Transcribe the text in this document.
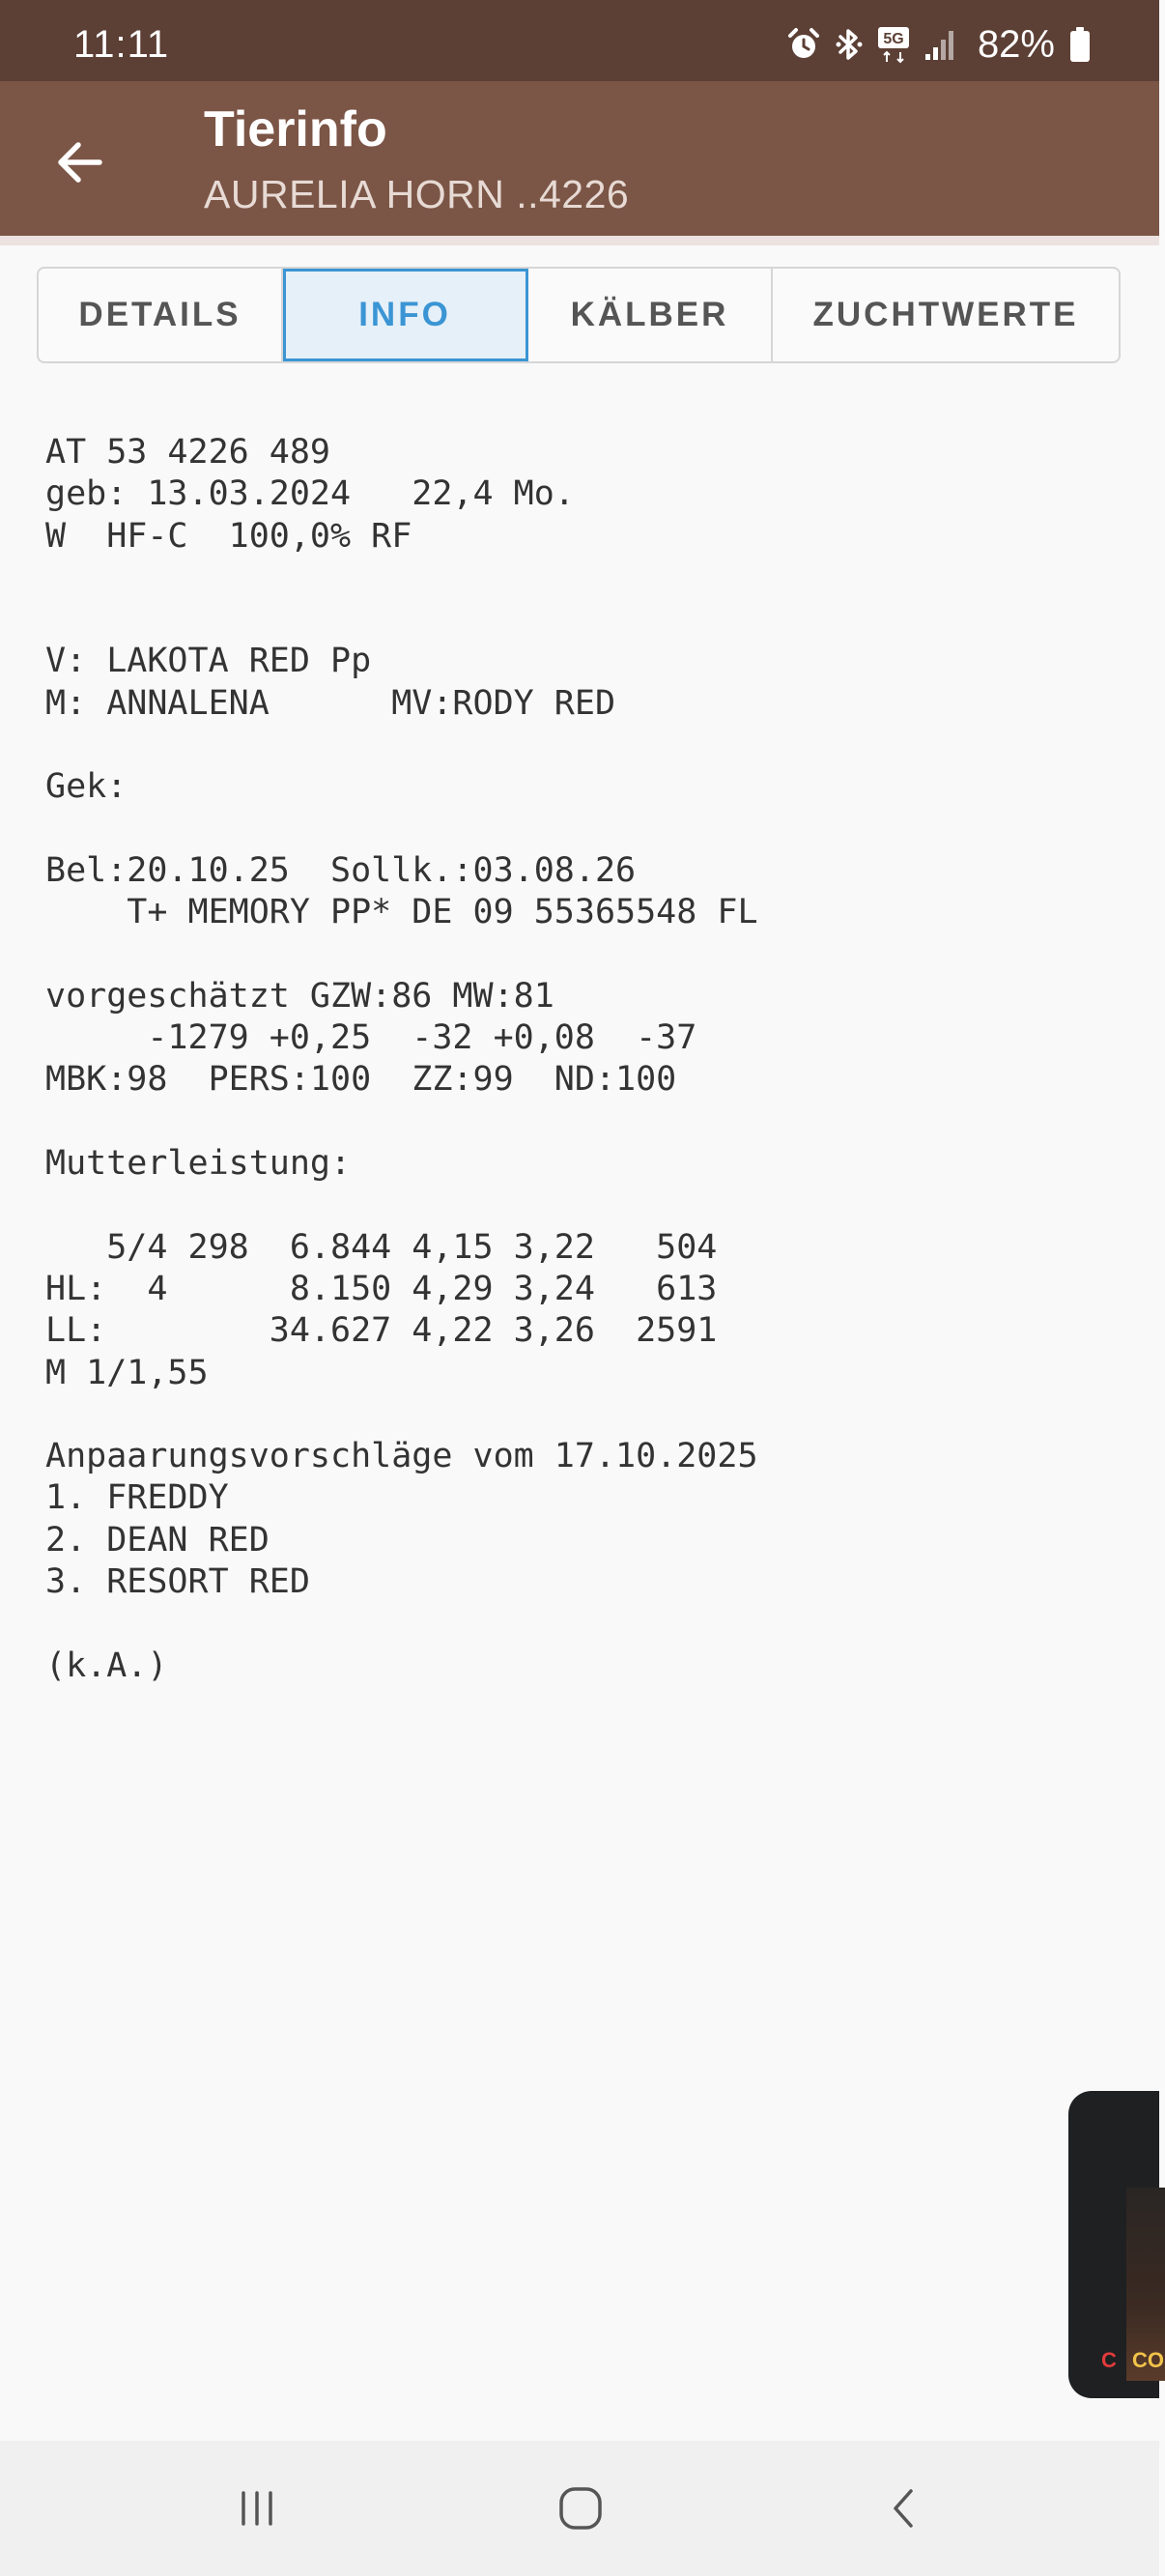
11:11	5G 82%
Tierinfo
AURELIA HORN ..4226
DETAILS	INFO	KÄLBER	ZUCHTWERTE
AT 53 4226 489
geb: 13.03.2024   22,4 Mo.
W  HF-C  100,0% RF

V: LAKOTA RED Pp
M: ANNALENA      MV:RODY RED

Gek:

Bel:20.10.25  Sollk.:03.08.26
T+ MEMORY PP* DE 09 55365548 FL

vorgeschätzt GZW:86 MW:81
-1279 +0,25  -32 +0,08  -37
MBK:98  PERS:100  ZZ:99  ND:100

Mutterleistung:

5/4 298  6.844 4,15 3,22   504
HL:  4      8.150 4,29 3,24   613
LL:        34.627 4,22 3,26  2591
M 1/1,55

Anpaarungsvorschläge vom 17.10.2025
1. FREDDY
2. DEAN RED
3. RESORT RED

(k.A.)
C CO
